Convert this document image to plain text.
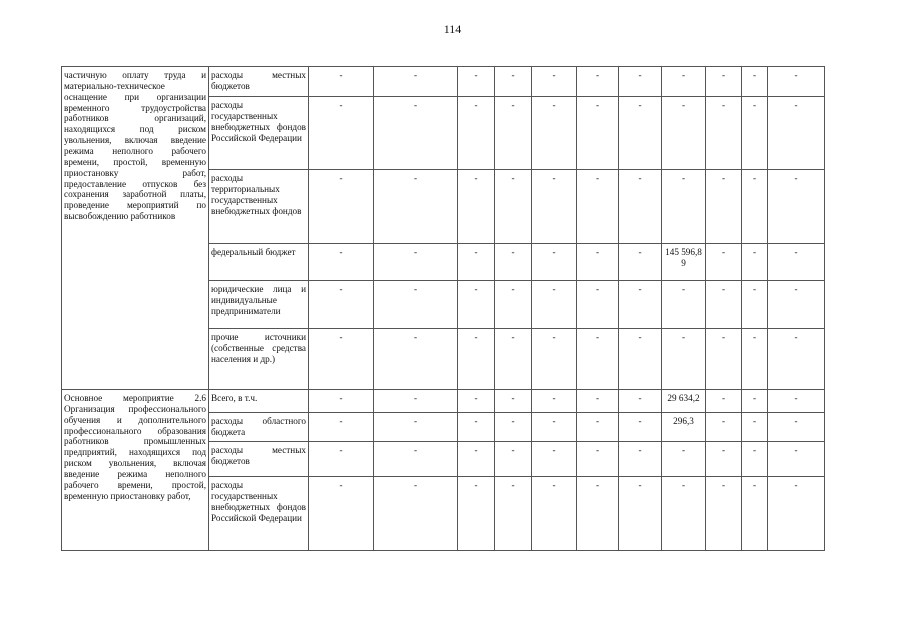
114
частичную оплату труда и материально-техническое оснащение при организации временного трудоустройства работников организаций, находящихся под риском увольнения, включая введение режима неполного рабочего времени, простой, временную приостановку работ, предоставление отпусков без сохранения заработной платы, проведение мероприятий по высвобождению работников	расходы местных бюджетов	-	-	-	-	-	-	-	-	-	-	-
	расходы государственных внебюджетных фондов Российской Федерации	-	-	-	-	-	-	-	-	-	-	-
	расходы территориальных государственных внебюджетных фондов	-	-	-	-	-	-	-	-	-	-	-
	федеральный бюджет	-	-	-	-	-	-	-	145 596,8 9	-	-	-
	юридические лица и индивидуальные предприниматели	-	-	-	-	-	-	-	-	-	-	-
	прочие источники (собственные средства населения и др.)	-	-	-	-	-	-	-	-	-	-	-
Основное мероприятие 2.6 Организация профессионального обучения и дополнительного профессионального образования работников промышленных предприятий, находящихся под риском увольнения, включая введение режима неполного рабочего времени, простой, временную приостановку работ,	Всего, в т.ч.	-	-	-	-	-	-	-	29 634,2	-	-	-
	расходы областного бюджета	-	-	-	-	-	-	-	296,3	-	-	-
	расходы местных бюджетов	-	-	-	-	-	-	-	-	-	-	-
	расходы государственных внебюджетных фондов Российской Федерации	-	-	-	-	-	-	-	-	-	-	-
